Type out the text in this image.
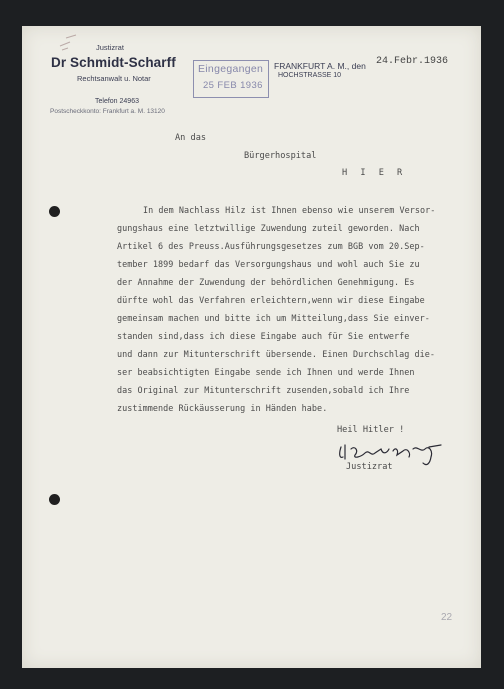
Justizrat
Dr Schmidt-Scharff
Rechtsanwalt u. Notar
Telefon 24963
Postscheckkonto: Frankfurt a. M. 13120
Eingegangen
25 FEB 1936
FRANKFURT A. M., den
HOCHSTRASSE 10
24.Febr.1936
An das
Bürgerhospital
H I E R
In dem Nachlass Hilz ist Ihnen ebenso wie unserem Versor-
gungshaus eine letztwillige Zuwendung zuteil geworden. Nach
Artikel 6 des Preuss.Ausführungsgesetzes zum BGB vom 20.Sep-
tember 1899 bedarf das Versorgungshaus und wohl auch Sie zu
der Annahme der Zuwendung der behördlichen Genehmigung. Es
dürfte wohl das Verfahren erleichtern,wenn wir diese Eingabe
gemeinsam machen und bitte ich um Mitteilung,dass Sie einver-
standen sind,dass ich diese Eingabe auch für Sie entwerfe
und dann zur Mitunterschrift übersende. Einen Durchschlag die-
ser beabsichtigten Eingabe sende ich Ihnen und werde Ihnen
das Original zur Mitunterschrift zusenden,sobald ich Ihre
zustimmende Rückäusserung in Händen habe.
Heil Hitler !
Justizrat
22
